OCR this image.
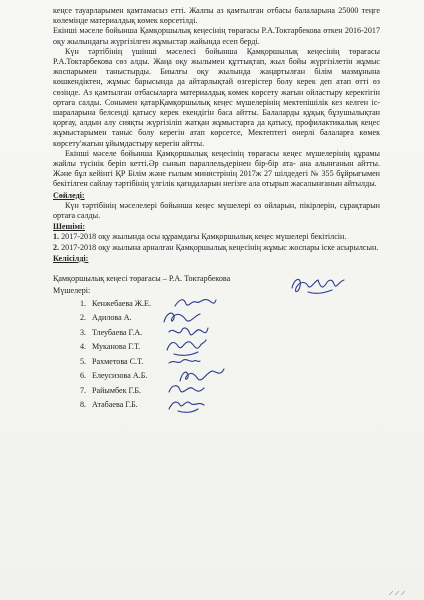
кеңсе тауарларымен қамтамасыз етті. Жалпы аз қамтылған отбасы балаларына 25000 теңге көлемінде материалдық көмек көрсетілді.

Екінші мәселе бойынша Қамқоршылық кеңесінің төрағасы Р.А.Токтарбекова өткен 2016-2017 оқу жылындағы жүргізілген жұмыстар жайында есеп берді.

Күн тәртібінің үшінші мәселесі бойынша Қамқоршылық кеңесінің төрағасы Р.А.Токтарбекова сөз алды. Жаңа оқу жылымен құттықтап, жыл бойы жүргізілетін жұмыс жоспарымен таныстырды. Биылғы оқу жылында жаңартылған білім мазмұнына көшкендіктен, жұмыс барысында да айтарлықтай өзгерістер болу керек деп атап өтті өз сөзінде. Аз қамтылған отбасыларға материалдық көмек көрсету жағын ойластыру керектігін ортаға салды. Сонымен қатарҚамқоршылық кеңес мүшелерінің мектепішілік кез келген іс-шараларына белсенді қатысу керек екендігін баса айтты. Балаларды құқық бұзушылықтан қорғау, алдын алу сияқты жүргізіліп жатқан жұмыстарға да қатысу, профилактикалық кеңес жұмыстарымен таныс болу керегін атап көрсетсе, Мектептегі өнерлі балаларға көмек көрсету'жағын ұйымдастыру керегін айтты.

Екінші мәселе бойынша Қамқоршылық кеңесінің төрағасы кеңес мүшелерінің құрамы жайлы түсінік беріп кетті.Әр сынып параллельдерінен бір-бір ата- ана алынғанын айтты. Және бұл кейінгі ҚР Білім және ғылым министрінің 2017ж 27 шілдедегі № 355 бұйрығымен бекітілген сайлау тәртібінің үлгілік қағидаларын негізге ала отырып жасалынғанын айтылды.

Сөйледі:

Күн тәртібінің мәселелері бойынша кеңес мүшелері өз ойларын, пікірлерін, сұрақтарын ортаға салды.

Шешімі:

1. 2017-2018 оқу жылында осы құрамдағы Қамқоршылық кеңес мүшелері бекітілсін.

2. 2017-2018 оқу жылына арналған Қамқоршылық кеңесінің жұмыс жоспары іске асырылсын.

Келісілді:

Қамқоршылық кеңесі төрағасы – Р.А. Токтарбекова

Мүшелері:

1. Кенжебаева Ж.Е.
2. Адилова А.
3. Тлеубаева Г.А.
4. Муканова Г.Т.
5. Рахметова С.Т.
6. Елеусизова А.Б.
7. Райымбек Г.Б.
8. Атабаева Г.Б.
